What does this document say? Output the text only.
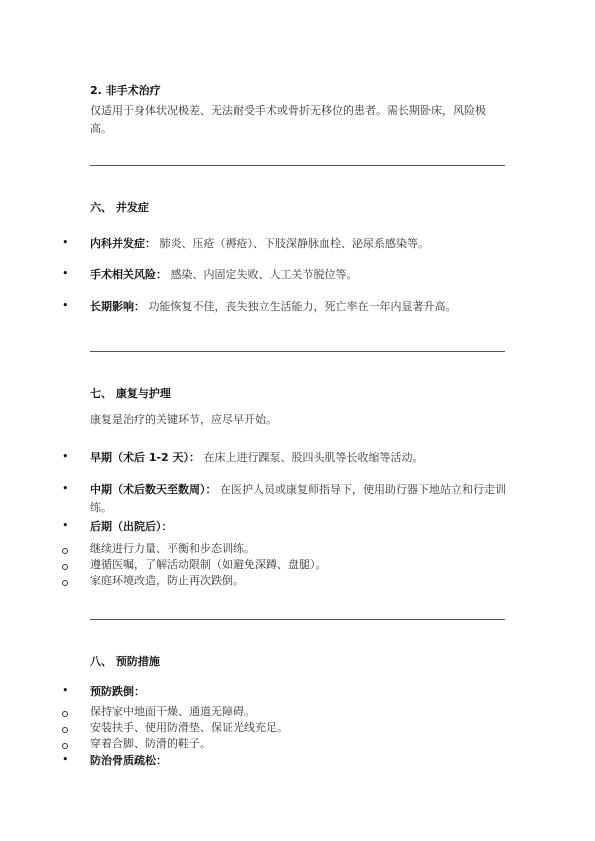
2. 非手术治疗
仅适用于身体状况极差、无法耐受手术或骨折无移位的患者。需长期卧床，风险极高。
六、 并发症
• 内科并发症： 肺炎、压疮（褥疮）、下肢深静脉血栓、泌尿系感染等。
• 手术相关风险： 感染、内固定失败、人工关节脱位等。
• 长期影响： 功能恢复不佳，丧失独立生活能力，死亡率在一年内显著升高。
七、 康复与护理
康复是治疗的关键环节，应尽早开始。
• 早期（术后 1-2 天）： 在床上进行踝泵、股四头肌等长收缩等活动。
• 中期（术后数天至数周）： 在医护人员或康复师指导下，使用助行器下地站立和行走训练。
• 后期（出院后）：
继续进行力量、平衡和步态训练。
遵循医嘱，了解活动限制（如避免深蹲、盘腿）。
家庭环境改造，防止再次跌倒。
八、 预防措施
• 预防跌倒：
保持家中地面干燥、通道无障碍。
安装扶手、使用防滑垫、保证光线充足。
穿着合脚、防滑的鞋子。
• 防治骨质疏松：
